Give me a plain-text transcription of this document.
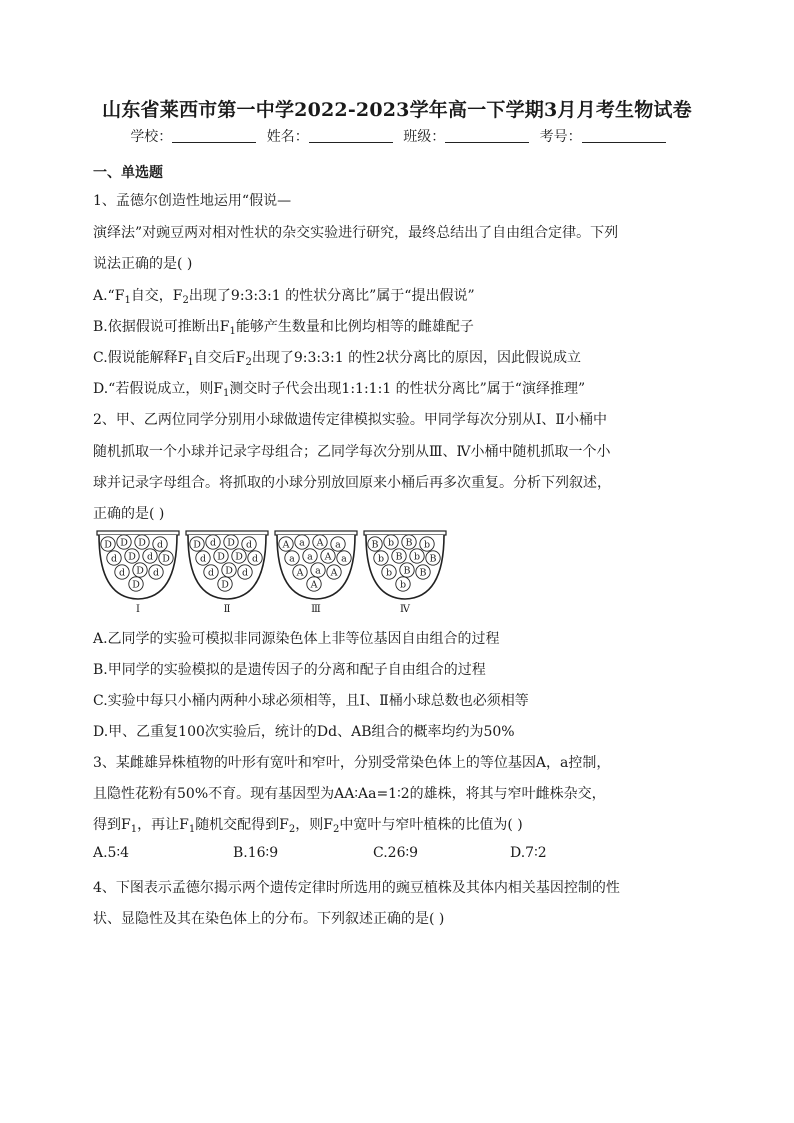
山东省莱西市第一中学2022-2023学年高一下学期3月月考生物试卷
学校：	姓名：	班级：	考号：
一、单选题
1、孟德尔创造性地运用“假说—
演绎法”对豌豆两对相对性状的杂交实验进行研究，最终总结出了自由组合定律。下列
说法正确的是( )
$A.“F_1$自交，$F_2$出现了9:3:3:1 的性状分离比”属于“提出假说”
B.依据假说可推断出$F_1$能够产生数量和比例均相等的雌雄配子
C.假说能解释$F_1$自交后$F_2$出现了9:3:3:1 的性2状分离比的原因，因此假说成立
D.“若假说成立，则$F_1$测交时子代会出现1:1:1:1 的性状分离比”属于“演绎推理”
2、甲、乙两位同学分别用小球做遗传定律模拟实验。甲同学每次分别从Ⅰ、Ⅱ小桶中
随机抓取一个小球并记录字母组合；乙同学每次分别从Ⅲ、Ⅳ小桶中随机抓取一个小
球并记录字母组合。将抓取的小球分别放回原来小桶后再多次重复。分析下列叙述，
正确的是( )
D D D d
d D d D
d D d
D
Ⅰ
D d D d
d D D d
d D d
D
Ⅱ
A a A a
a a A a
A a A
A
Ⅲ
B b B b
b B b B
b B B
b
Ⅳ
A.乙同学的实验可模拟非同源染色体上非等位基因自由组合的过程
B.甲同学的实验模拟的是遗传因子的分离和配子自由组合的过程
C.实验中每只小桶内两种小球必须相等，且Ⅰ、Ⅱ桶小球总数也必须相等
D.甲、乙重复100次实验后，统计的Dd、AB组合的概率均约为50%
3、某雌雄异株植物的叶形有宽叶和窄叶，分别受常染色体上的等位基因A，a控制，
且隐性花粉有50%不育。现有基因型为AA∶Aa=1∶2的雄株，将其与窄叶雌株杂交，
得到$F_1$，再让$F_1$随机交配得到$F_2$，则$F_2$中宽叶与窄叶植株的比值为( )
A.5∶4	B.16∶9	C.26∶9	D.7∶2
4、下图表示孟德尔揭示两个遗传定律时所选用的豌豆植株及其体内相关基因控制的性
状、显隐性及其在染色体上的分布。下列叙述正确的是( )
